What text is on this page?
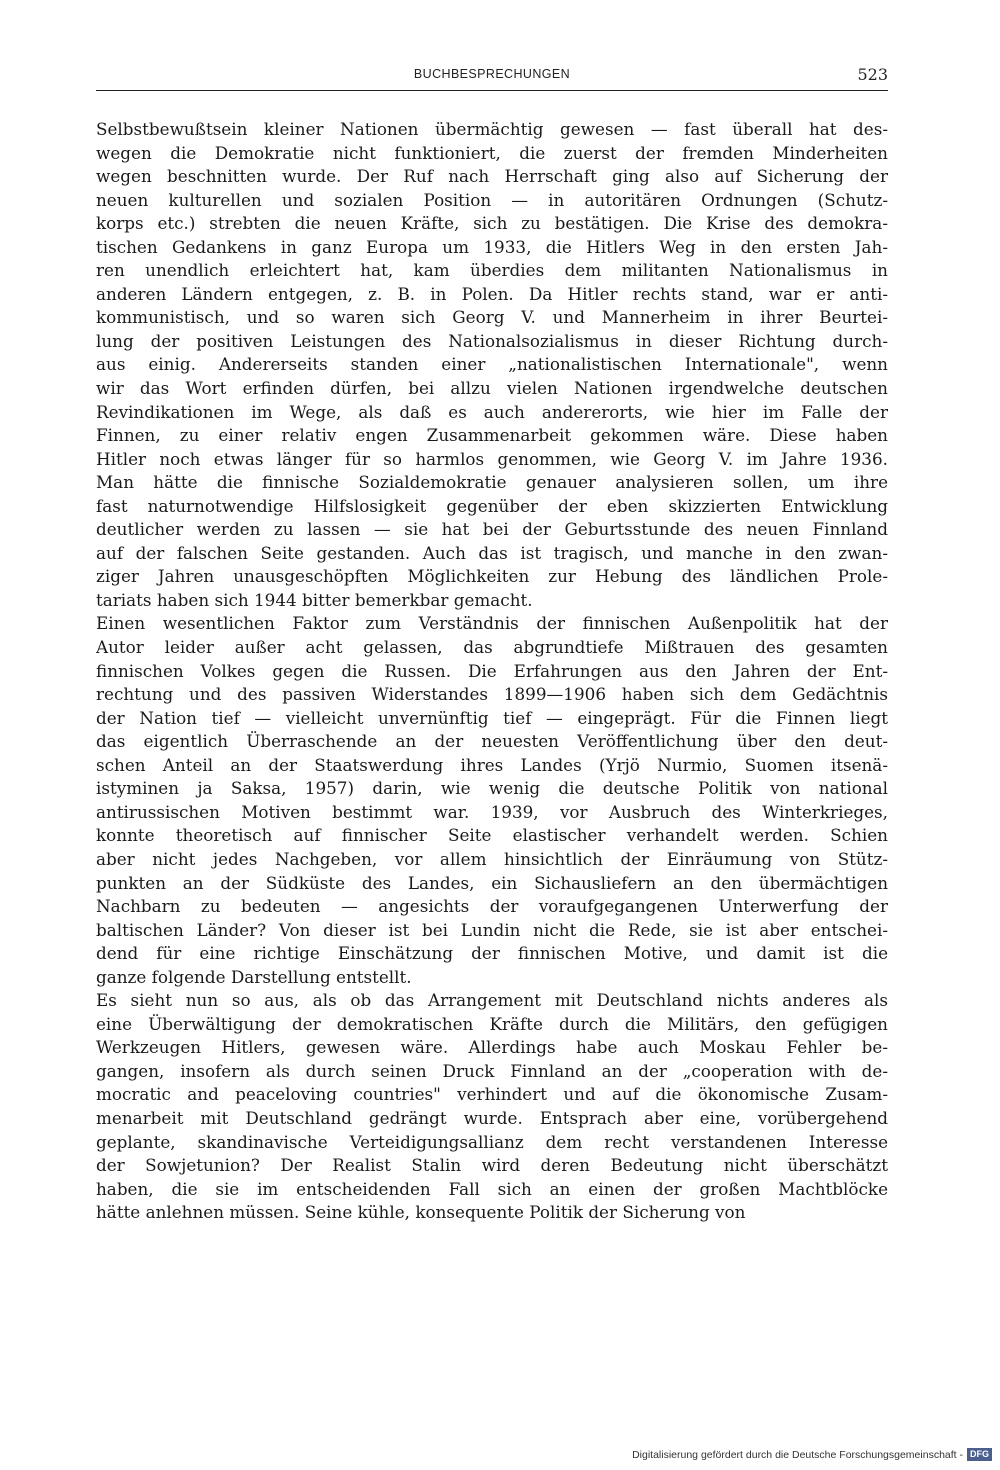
BUCHBESPRECHUNGEN	523
Selbstbewußtsein kleiner Nationen übermächtig gewesen — fast überall hat des-
wegen die Demokratie nicht funktioniert, die zuerst der fremden Minderheiten
wegen beschnitten wurde. Der Ruf nach Herrschaft ging also auf Sicherung der
neuen kulturellen und sozialen Position — in autoritären Ordnungen (Schutz-
korps etc.) strebten die neuen Kräfte, sich zu bestätigen. Die Krise des demokra-
tischen Gedankens in ganz Europa um 1933, die Hitlers Weg in den ersten Jah-
ren unendlich erleichtert hat, kam überdies dem militanten Nationalismus in
anderen Ländern entgegen, z. B. in Polen. Da Hitler rechts stand, war er anti-
kommunistisch, und so waren sich Georg V. und Mannerheim in ihrer Beurtei-
lung der positiven Leistungen des Nationalsozialismus in dieser Richtung durch-
aus einig. Andererseits standen einer „nationalistischen Internationale", wenn
wir das Wort erfinden dürfen, bei allzu vielen Nationen irgendwelche deutschen
Revindikationen im Wege, als daß es auch andererorts, wie hier im Falle der
Finnen, zu einer relativ engen Zusammenarbeit gekommen wäre. Diese haben
Hitler noch etwas länger für so harmlos genommen, wie Georg V. im Jahre 1936.
Man hätte die finnische Sozialdemokratie genauer analysieren sollen, um ihre
fast naturnotwendige Hilfslosigkeit gegenüber der eben skizzierten Entwicklung
deutlicher werden zu lassen — sie hat bei der Geburtsstunde des neuen Finnland
auf der falschen Seite gestanden. Auch das ist tragisch, und manche in den zwan-
ziger Jahren unausgeschöpften Möglichkeiten zur Hebung des ländlichen Prole-
tariats haben sich 1944 bitter bemerkbar gemacht.
Einen wesentlichen Faktor zum Verständnis der finnischen Außenpolitik hat der
Autor leider außer acht gelassen, das abgrundtiefe Mißtrauen des gesamten
finnischen Volkes gegen die Russen. Die Erfahrungen aus den Jahren der Ent-
rechtung und des passiven Widerstandes 1899—1906 haben sich dem Gedächtnis
der Nation tief — vielleicht unvernünftig tief — eingeprägt. Für die Finnen liegt
das eigentlich Überraschende an der neuesten Veröffentlichung über den deut-
schen Anteil an der Staatswerdung ihres Landes (Yrjö Nurmio, Suomen itsenä-
istyminen ja Saksa, 1957) darin, wie wenig die deutsche Politik von national
antirussischen Motiven bestimmt war. 1939, vor Ausbruch des Winterkrieges,
konnte theoretisch auf finnischer Seite elastischer verhandelt werden. Schien
aber nicht jedes Nachgeben, vor allem hinsichtlich der Einräumung von Stütz-
punkten an der Südküste des Landes, ein Sichausliefern an den übermächtigen
Nachbarn zu bedeuten — angesichts der voraufgegangenen Unterwerfung der
baltischen Länder? Von dieser ist bei Lundin nicht die Rede, sie ist aber entschei-
dend für eine richtige Einschätzung der finnischen Motive, und damit ist die
ganze folgende Darstellung entstellt.
Es sieht nun so aus, als ob das Arrangement mit Deutschland nichts anderes als
eine Überwältigung der demokratischen Kräfte durch die Militärs, den gefügigen
Werkzeugen Hitlers, gewesen wäre. Allerdings habe auch Moskau Fehler be-
gangen, insofern als durch seinen Druck Finnland an der „cooperation with de-
mocratic and peaceloving countries" verhindert und auf die ökonomische Zusam-
menarbeit mit Deutschland gedrängt wurde. Entsprach aber eine, vorübergehend
geplante, skandinavische Verteidigungsallianz dem recht verstandenen Interesse
der Sowjetunion? Der Realist Stalin wird deren Bedeutung nicht überschätzt
haben, die sie im entscheidenden Fall sich an einen der großen Machtblöcke
hätte anlehnen müssen. Seine kühle, konsequente Politik der Sicherung von
Digitalisierung gefördert durch die Deutsche Forschungsgemeinschaft - DFG
